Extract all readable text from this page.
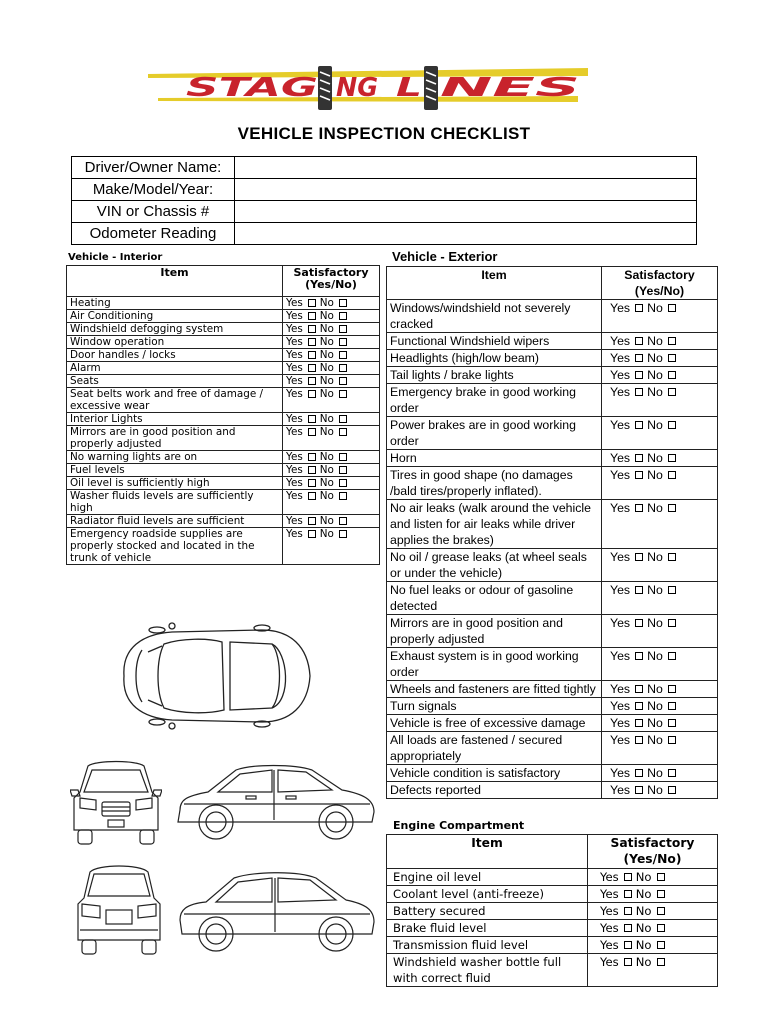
STAG NG L NES
VEHICLE INSPECTION CHECKLIST
Driver/Owner Name:	
Make/Model/Year:	
VIN or Chassis #	
Odometer Reading	
Vehicle - Interior	Vehicle - Exterior
Engine Compartment
Item	Satisfactory (Yes/No)
Heating	Yes No
Air Conditioning	Yes No
Windshield defogging system	Yes No
Window operation	Yes No
Door handles / locks	Yes No
Alarm	Yes No
Seats	Yes No
Seat belts work and free of damage / excessive wear	Yes No
Interior Lights	Yes No
Mirrors are in good position and properly adjusted	Yes No
No warning lights are on	Yes No
Fuel levels	Yes No
Oil level is sufficiently high	Yes No
Washer fluids levels are sufficiently high	Yes No
Radiator fluid levels are sufficient	Yes No
Emergency roadside supplies are properly stocked and located in the trunk of vehicle	Yes No
Item	Satisfactory (Yes/No)
Windows/windshield not severely cracked	Yes No
Functional Windshield wipers	Yes No
Headlights (high/low beam)	Yes No
Tail lights / brake lights	Yes No
Emergency brake in good working order	Yes No
Power brakes are in good working order	Yes No
Horn	Yes No
Tires in good shape (no damages /bald tires/properly inflated).	Yes No
No air leaks (walk around the vehicle and listen for air leaks while driver applies the brakes)	Yes No
No oil / grease leaks (at wheel seals or under the vehicle)	Yes No
No fuel leaks or odour of gasoline detected	Yes No
Mirrors are in good position and properly adjusted	Yes No
Exhaust system is in good working order	Yes No
Wheels and fasteners are fitted tightly	Yes No
Turn signals	Yes No
Vehicle is free of excessive damage	Yes No
All loads are fastened / secured appropriately	Yes No
Vehicle condition is satisfactory	Yes No
Defects reported	Yes No
Item	Satisfactory (Yes/No)
Engine oil level	Yes No
Coolant level (anti-freeze)	Yes No
Battery secured	Yes No
Brake fluid level	Yes No
Transmission fluid level	Yes No
Windshield washer bottle full with correct fluid	Yes No
